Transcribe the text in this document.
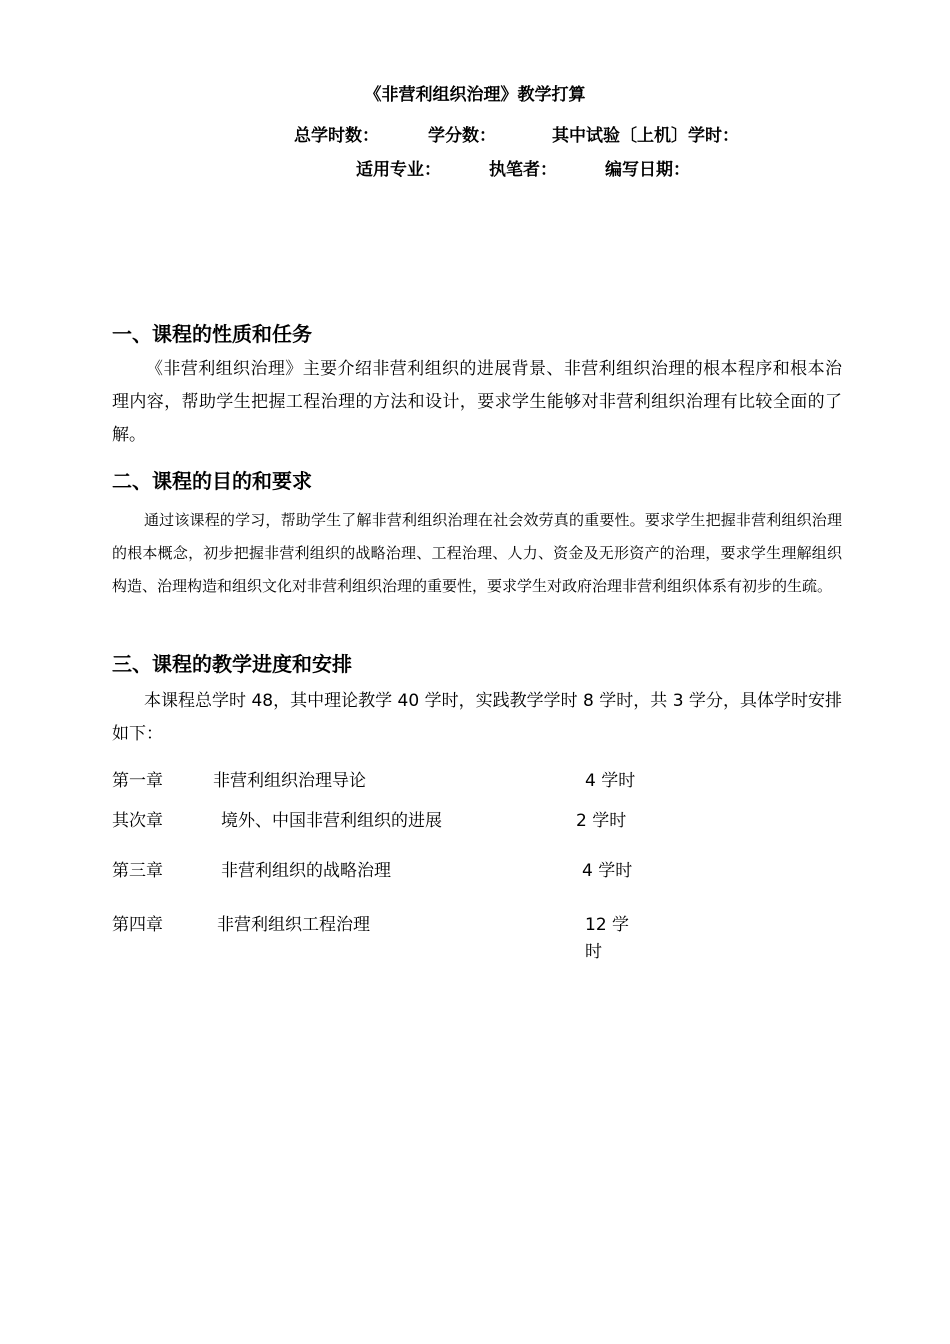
《非营利组织治理》教学打算
总学时数：	学分数：	其中试验〔上机〕学时：
适用专业：	执笔者：	编写日期：
一、课程的性质和任务
《非营利组织治理》主要介绍非营利组织的进展背景、非营利组织治理的根本程序和根本治理内容，帮助学生把握工程治理的方法和设计，要求学生能够对非营利组织治理有比较全面的了解。
二、课程的目的和要求
通过该课程的学习，帮助学生了解非营利组织治理在社会效劳真的重要性。要求学生把握非营利组织治理的根本概念，初步把握非营利组织的战略治理、工程治理、人力、资金及无形资产的治理，要求学生理解组织构造、治理构造和组织文化对非营利组织治理的重要性，要求学生对政府治理非营利组织体系有初步的生疏。
三、课程的教学进度和安排
本课程总学时 48，其中理论教学 40 学时，实践教学学时 8 学时，共 3 学分，具体学时安排如下：
第一章	非营利组织治理导论	4 学时
其次章	境外、中国非营利组织的进展	2 学时
第三章	非营利组织的战略治理	4 学时
第四章	非营利组织工程治理	12 学
时
